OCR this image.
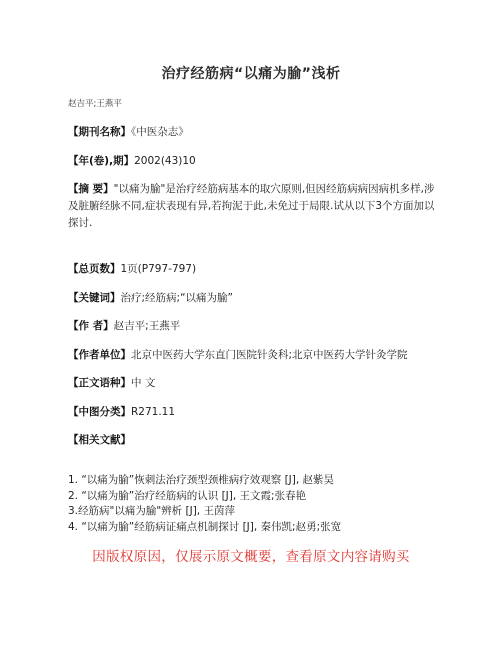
治疗经筋病“以痛为腧”浅析
赵吉平;王燕平
【期刊名称】《中医杂志》
【年(卷),期】2002(43)10
【摘 要】"以痛为腧"是治疗经筋病基本的取穴原则,但因经筋病病因病机多样,涉及脏腑经脉不同,症状表现有异,若拘泥于此,未免过于局限.试从以下3个方面加以探讨.
【总页数】1页(P797-797)
【关键词】治疗;经筋病;“以痛为腧”
【作 者】赵吉平;王燕平
【作者单位】北京中医药大学东直门医院针灸科;北京中医药大学针灸学院
【正文语种】中 文
【中图分类】R271.11
【相关文献】
1. “以痛为腧”恢刺法治疗颈型颈椎病疗效观察 [J], 赵紫昊
2. “以痛为腧”治疗经筋病的认识 [J], 王文霞;张春艳
3.经筋病"以痛为腧"辨析 [J], 王茵萍
4. “以痛为腧”经筋病证痛点机制探讨 [J], 秦伟凯;赵勇;张宽
因版权原因，仅展示原文概要，查看原文内容请购买
